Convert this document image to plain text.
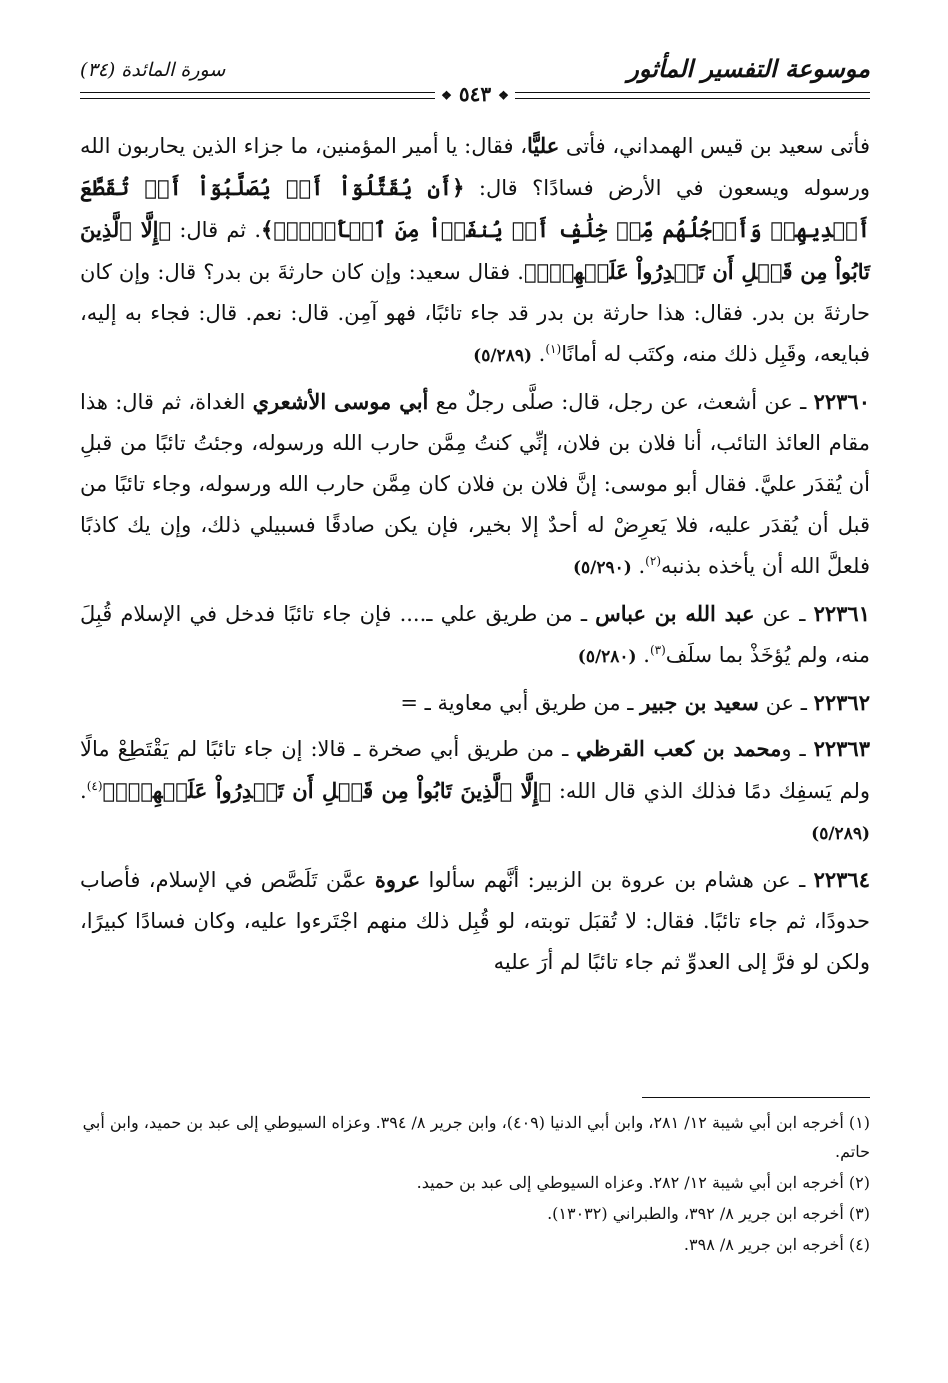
موسوعة التفسير المأثور
سورة المائدة (٣٤)
❖ ٥٤٣ ❖

فأتى سعيد بن قيس الهمداني، فأتى عليًّا، فقال: يا أمير المؤمنين، ما جزاء الذين يحاربون الله ورسوله ويسعون في الأرض فسادًا؟ قال: ﴿أَن يُقَتَّلُوٓاْ أَوۡ يُصَلَّبُوٓاْ أَوۡ تُقَطَّعَ أَيۡدِيهِمۡ وَأَرۡجُلُهُم مِّنۡ خِلَٰفٍ أَوۡ يُنفَوۡاْ مِنَ ٱلۡأَرۡضِۚ﴾. ثم قال: ﴿إِلَّا ٱلَّذِينَ تَابُواْ مِن قَبۡلِ أَن تَقۡدِرُواْ عَلَيۡهِمۡۖ﴾. فقال سعيد: وإن كان حارثةَ بن بدر؟ قال: وإن كان حارثةَ بن بدر. فقال: هذا حارثة بن بدر قد جاء تائبًا، فهو آمِن. قال: نعم. قال: فجاء به إليه، فبايعه، وقَبِل ذلك منه، وكتَب له أمانًا$^{(١)}$. (٥/٢٨٩)

٢٢٣٦٠ ـ عن أشعث، عن رجل، قال: صلَّى رجلٌ مع أبي موسى الأشعري الغداة، ثم قال: هذا مقام العائذ التائب، أنا فلان بن فلان، إنِّي كنتُ مِمَّن حارب الله ورسوله، وجئتُ تائبًا من قبلِ أن يُقدَر عليَّ. فقال أبو موسى: إنَّ فلان بن فلان كان مِمَّن حارب الله ورسوله، وجاء تائبًا من قبل أن يُقدَر عليه، فلا يَعرِضْ له أحدٌ إلا بخير، فإن يكن صادقًا فسبيلي ذلك، وإن يك كاذبًا فلعلَّ الله أن يأخذه بذنبه$^{(٢)}$. (٥/٢٩٠)

٢٢٣٦١ ـ عن عبد الله بن عباس ـ من طريق علي ـ.... فإن جاء تائبًا فدخل في الإسلام قُبِلَ منه، ولم يُؤخَذْ بما سلَف$^{(٣)}$. (٥/٢٨٠)

٢٢٣٦٢ ـ عن سعيد بن جبير ـ من طريق أبي معاوية ـ =

٢٢٣٦٣ ـ ومحمد بن كعب القرظي ـ من طريق أبي صخرة ـ قالا: إن جاء تائبًا لم يَقْتَطِعْ مالًا ولم يَسفِك دمًا فذلك الذي قال الله: ﴿إِلَّا ٱلَّذِينَ تَابُواْ مِن قَبۡلِ أَن تَقۡدِرُواْ عَلَيۡهِمۡۖ﴾$^{(٤)}$. (٥/٢٨٩)

٢٢٣٦٤ ـ عن هشام بن عروة بن الزبير: أنَّهم سألوا عروة عمَّن تَلَصَّص في الإسلام، فأصاب حدودًا، ثم جاء تائبًا. فقال: لا تُقبَل توبته، لو قُبِل ذلك منهم اجْتَرءوا عليه، وكان فسادًا كبيرًا، ولكن لو فرَّ إلى العدوِّ ثم جاء تائبًا لم أرَ عليه

(١) أخرجه ابن أبي شيبة ١٢/ ٢٨١، وابن أبي الدنيا (٤٠٩)، وابن جرير ٨/ ٣٩٤. وعزاه السيوطي إلى عبد بن حميد، وابن أبي حاتم.

(٢) أخرجه ابن أبي شيبة ١٢/ ٢٨٢. وعزاه السيوطي إلى عبد بن حميد.

(٣) أخرجه ابن جرير ٨/ ٣٩٢، والطبراني (١٣٠٣٢).

(٤) أخرجه ابن جرير ٨/ ٣٩٨.
